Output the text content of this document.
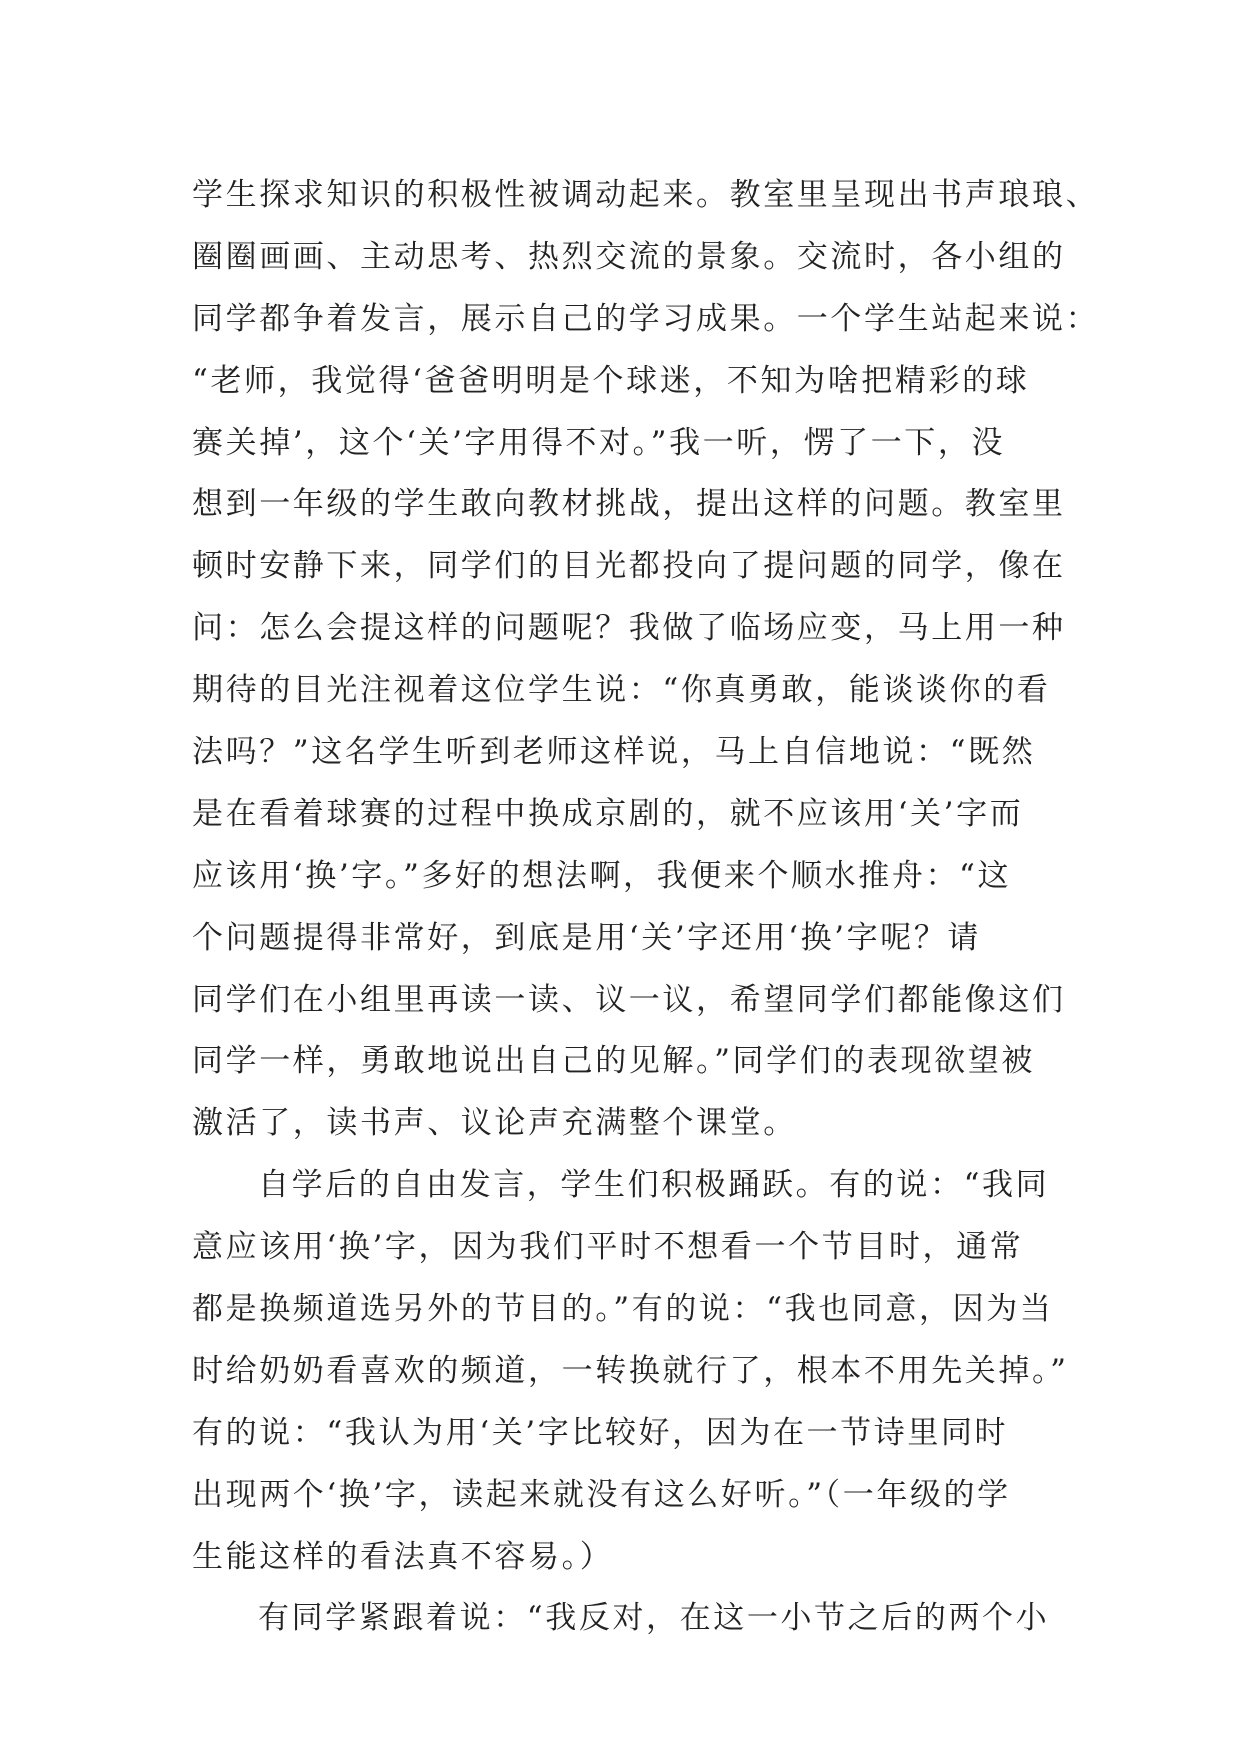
学生探求知识的积极性被调动起来。教室里呈现出书声琅琅、
圈圈画画、主动思考、热烈交流的景象。交流时，各小组的
同学都争着发言，展示自己的学习成果。一个学生站起来说：
“老师，我觉得‘爸爸明明是个球迷，不知为啥把精彩的球
赛关掉’，这个‘关’字用得不对。”我一听，愣了一下，没
想到一年级的学生敢向教材挑战，提出这样的问题。教室里
顿时安静下来，同学们的目光都投向了提问题的同学，像在
问：怎么会提这样的问题呢？我做了临场应变，马上用一种
期待的目光注视着这位学生说：“你真勇敢，能谈谈你的看
法吗？”这名学生听到老师这样说，马上自信地说：“既然
是在看着球赛的过程中换成京剧的，就不应该用‘关’字而
应该用‘换’字。”多好的想法啊，我便来个顺水推舟：“这
个问题提得非常好，到底是用‘关’字还用‘换’字呢？请
同学们在小组里再读一读、议一议，希望同学们都能像这们
同学一样，勇敢地说出自己的见解。”同学们的表现欲望被
激活了，读书声、议论声充满整个课堂。
自学后的自由发言，学生们积极踊跃。有的说：“我同
意应该用‘换’字，因为我们平时不想看一个节目时，通常
都是换频道选另外的节目的。”有的说：“我也同意，因为当
时给奶奶看喜欢的频道，一转换就行了，根本不用先关掉。”
有的说：“我认为用‘关’字比较好，因为在一节诗里同时
出现两个‘换’字，读起来就没有这么好听。”（一年级的学
生能这样的看法真不容易。）
有同学紧跟着说：“我反对，在这一小节之后的两个小
